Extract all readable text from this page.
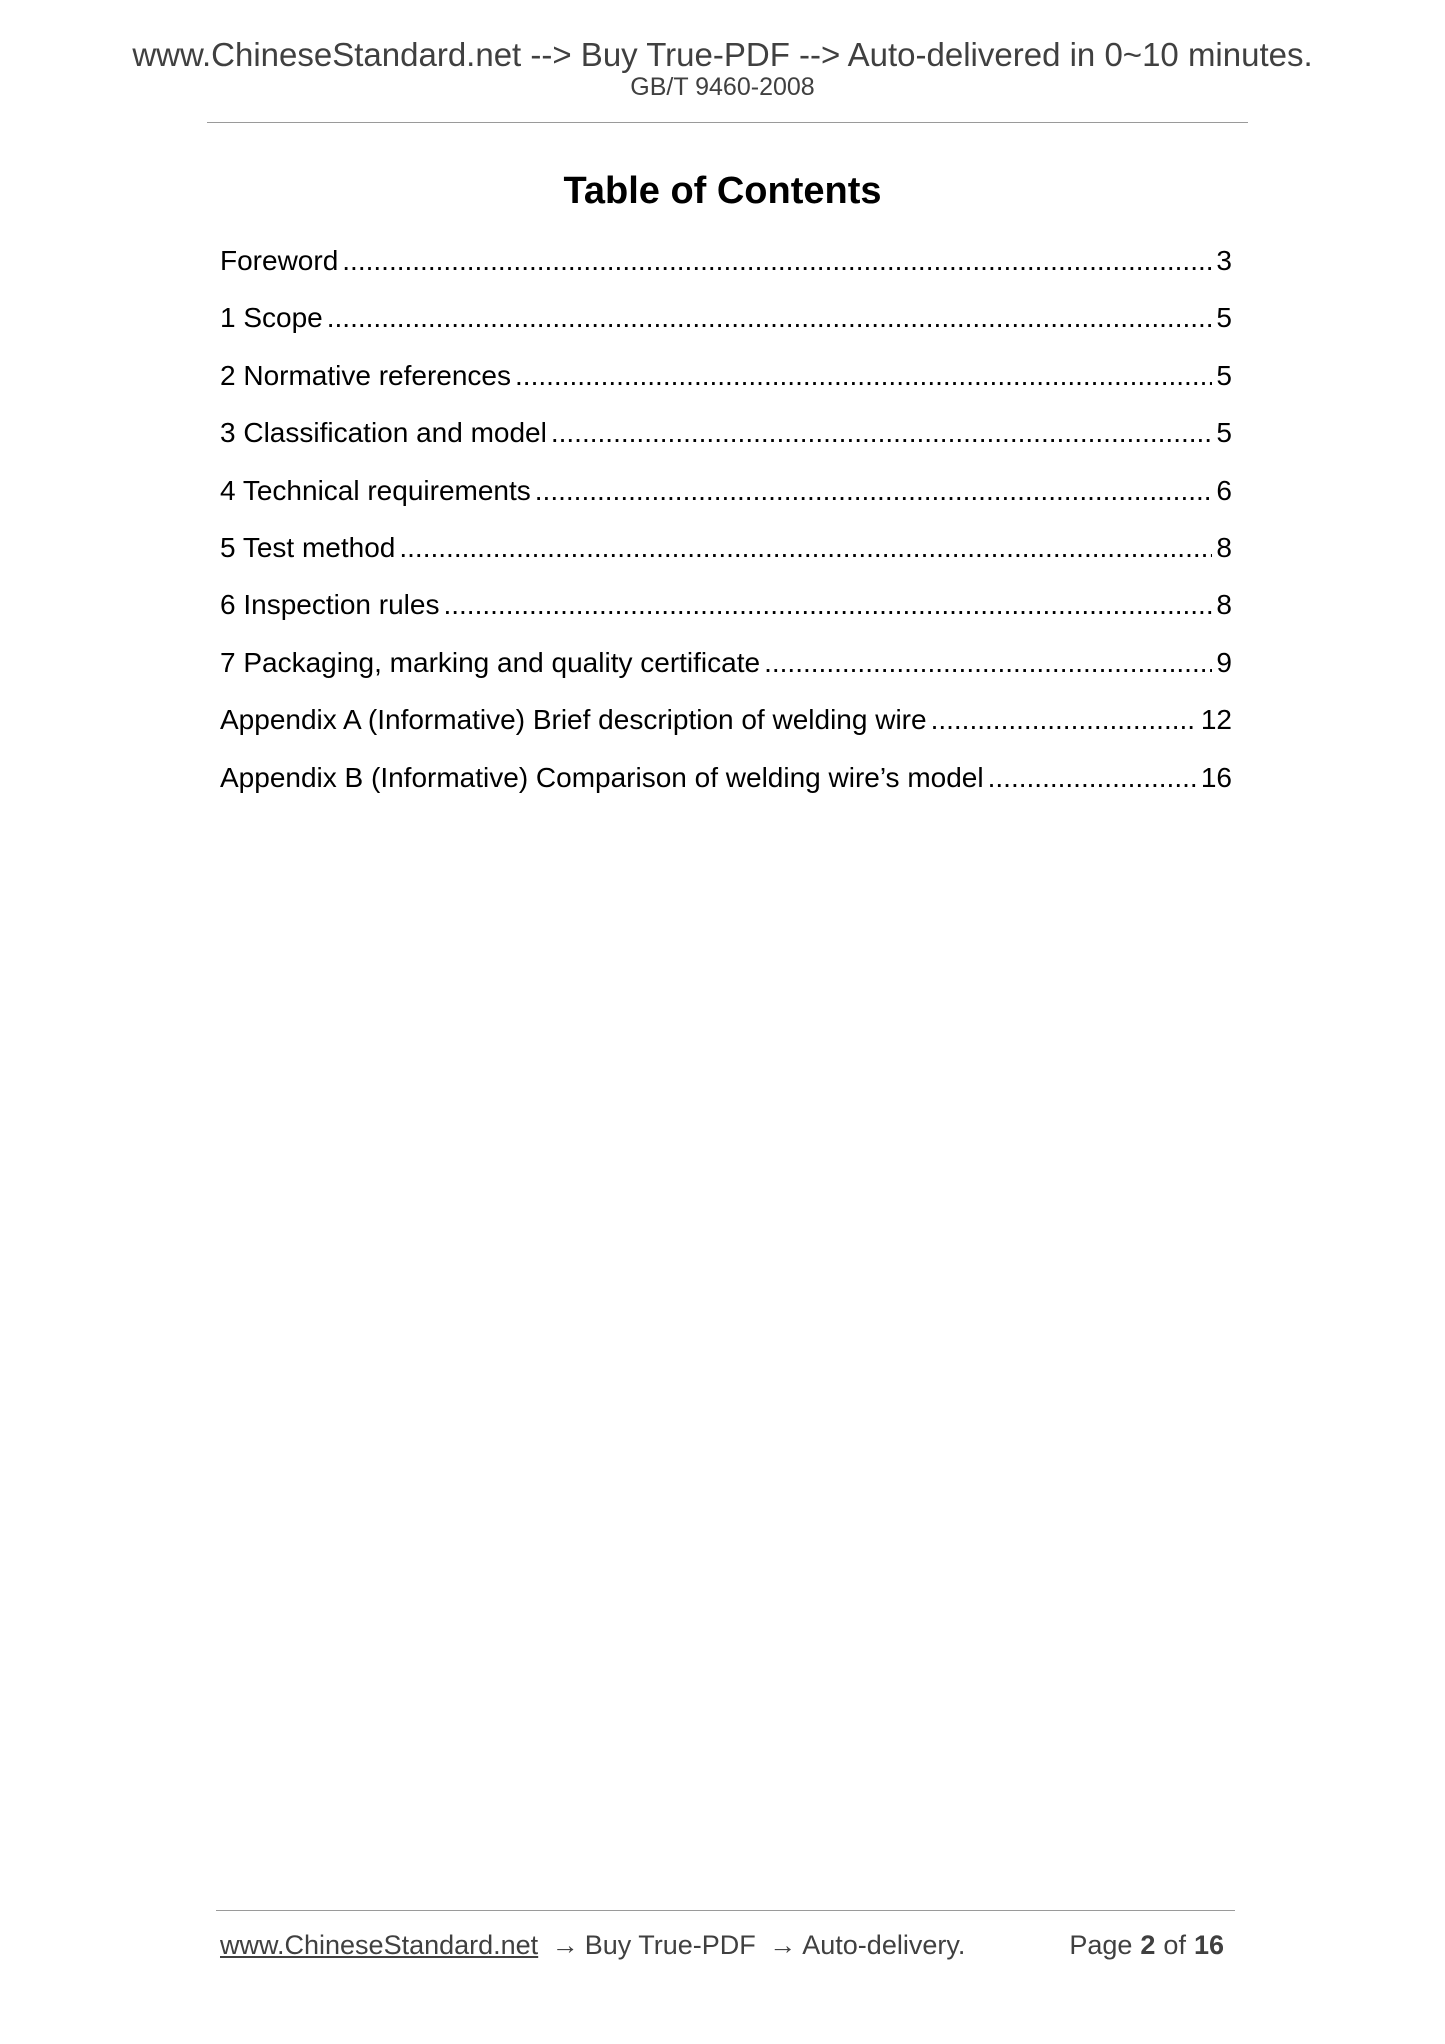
www.ChineseStandard.net --> Buy True-PDF --> Auto-delivered in 0~10 minutes.
GB/T 9460-2008
Table of Contents
Foreword .....	3
1 Scope .....	5
2 Normative references .....	5
3 Classification and model .....	5
4 Technical requirements .....	6
5 Test method .....	8
6 Inspection rules .....	8
7 Packaging, marking and quality certificate .....	9
Appendix A (Informative) Brief description of welding wire .....	12
Appendix B (Informative) Comparison of welding wire’s model .....	16
www.ChineseStandard.net → Buy True-PDF → Auto-delivery.	Page 2 of 16
